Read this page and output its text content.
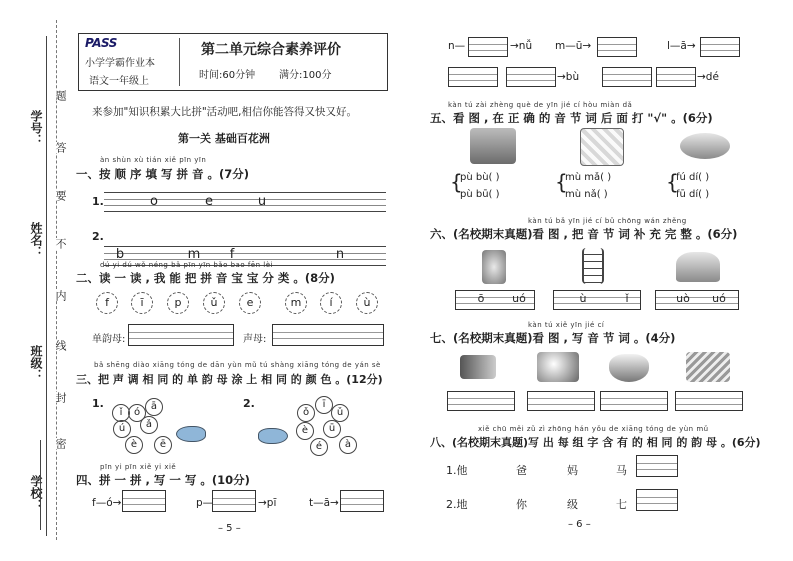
学校：
班级：
姓名：
学号：
题
答
要
不
内
线
封
密
PASS
小学学霸作业本
语文一年级上
第二单元综合素养评价
时间:60分钟 满分:100分
来参加"知识积累大比拼"活动吧,相信你能答得又快又好。
第一关 基础百花洲
àn shùn xù tián xiě pīn yīn
一、按 顺 序 填 写 拼 音 。(7分)
1.	o	e	u
2.
b	m	f	n
dú yi dú wǒ néng bǎ pīn yīn bǎo bao fēn lèi
二、读 一 读 , 我 能 把 拼 音 宝 宝 分 类 。(8分)
f	ī	p	ǔ	e	m	í	ù
单韵母:	声母:
bǎ shēng diào xiāng tóng de dān yùn mǔ tú shàng xiāng tóng de yán sè
三、把 声 调 相 同 的 单 韵 母 涂 上 相 同 的 颜 色 。(12分)
1.
ǐ	ó
ā
ú	ǎ
è	ē
2.
ǒ
ī
ǔ
è	ū
é	à
pīn yi pīn xiě yi xiě
四、拼 一 拼 , 写 一 写 。(10分)
f—ó→	p—	→pī	t—ā→
– 5 –
n—	→nǚ m—ū→	l—ā→
→bù	→dé
kàn tú zài zhèng què de yīn jié cí hòu miàn dǎ
五、看 图 , 在 正 确 的 音 节 词 后 面 打 "√" 。(6分)
{
pù bù( )
pù bū( )
{
mù mǎ( )
mù nǎ( )
{
fú dí( )
fū dí( )
kàn tú bǎ yīn jié cí bǔ chōng wán zhěng
六、(名校期末真题)看 图 , 把 音 节 词 补 充 完 整 。(6分)
ō	uó	ù	ǐ	uò	uó
kàn tú xiě yīn jié cí
七、(名校期末真题)看 图 , 写 音 节 词 。(4分)
xiě chū měi zǔ zì zhōng hán yǒu de xiāng tóng de yùn mǔ
八、(名校期末真题)写 出 每 组 字 含 有 的 相 同 的 韵 母 。(6分)
1.他	爸	妈	马
2.地	你	级	七
– 6 –
